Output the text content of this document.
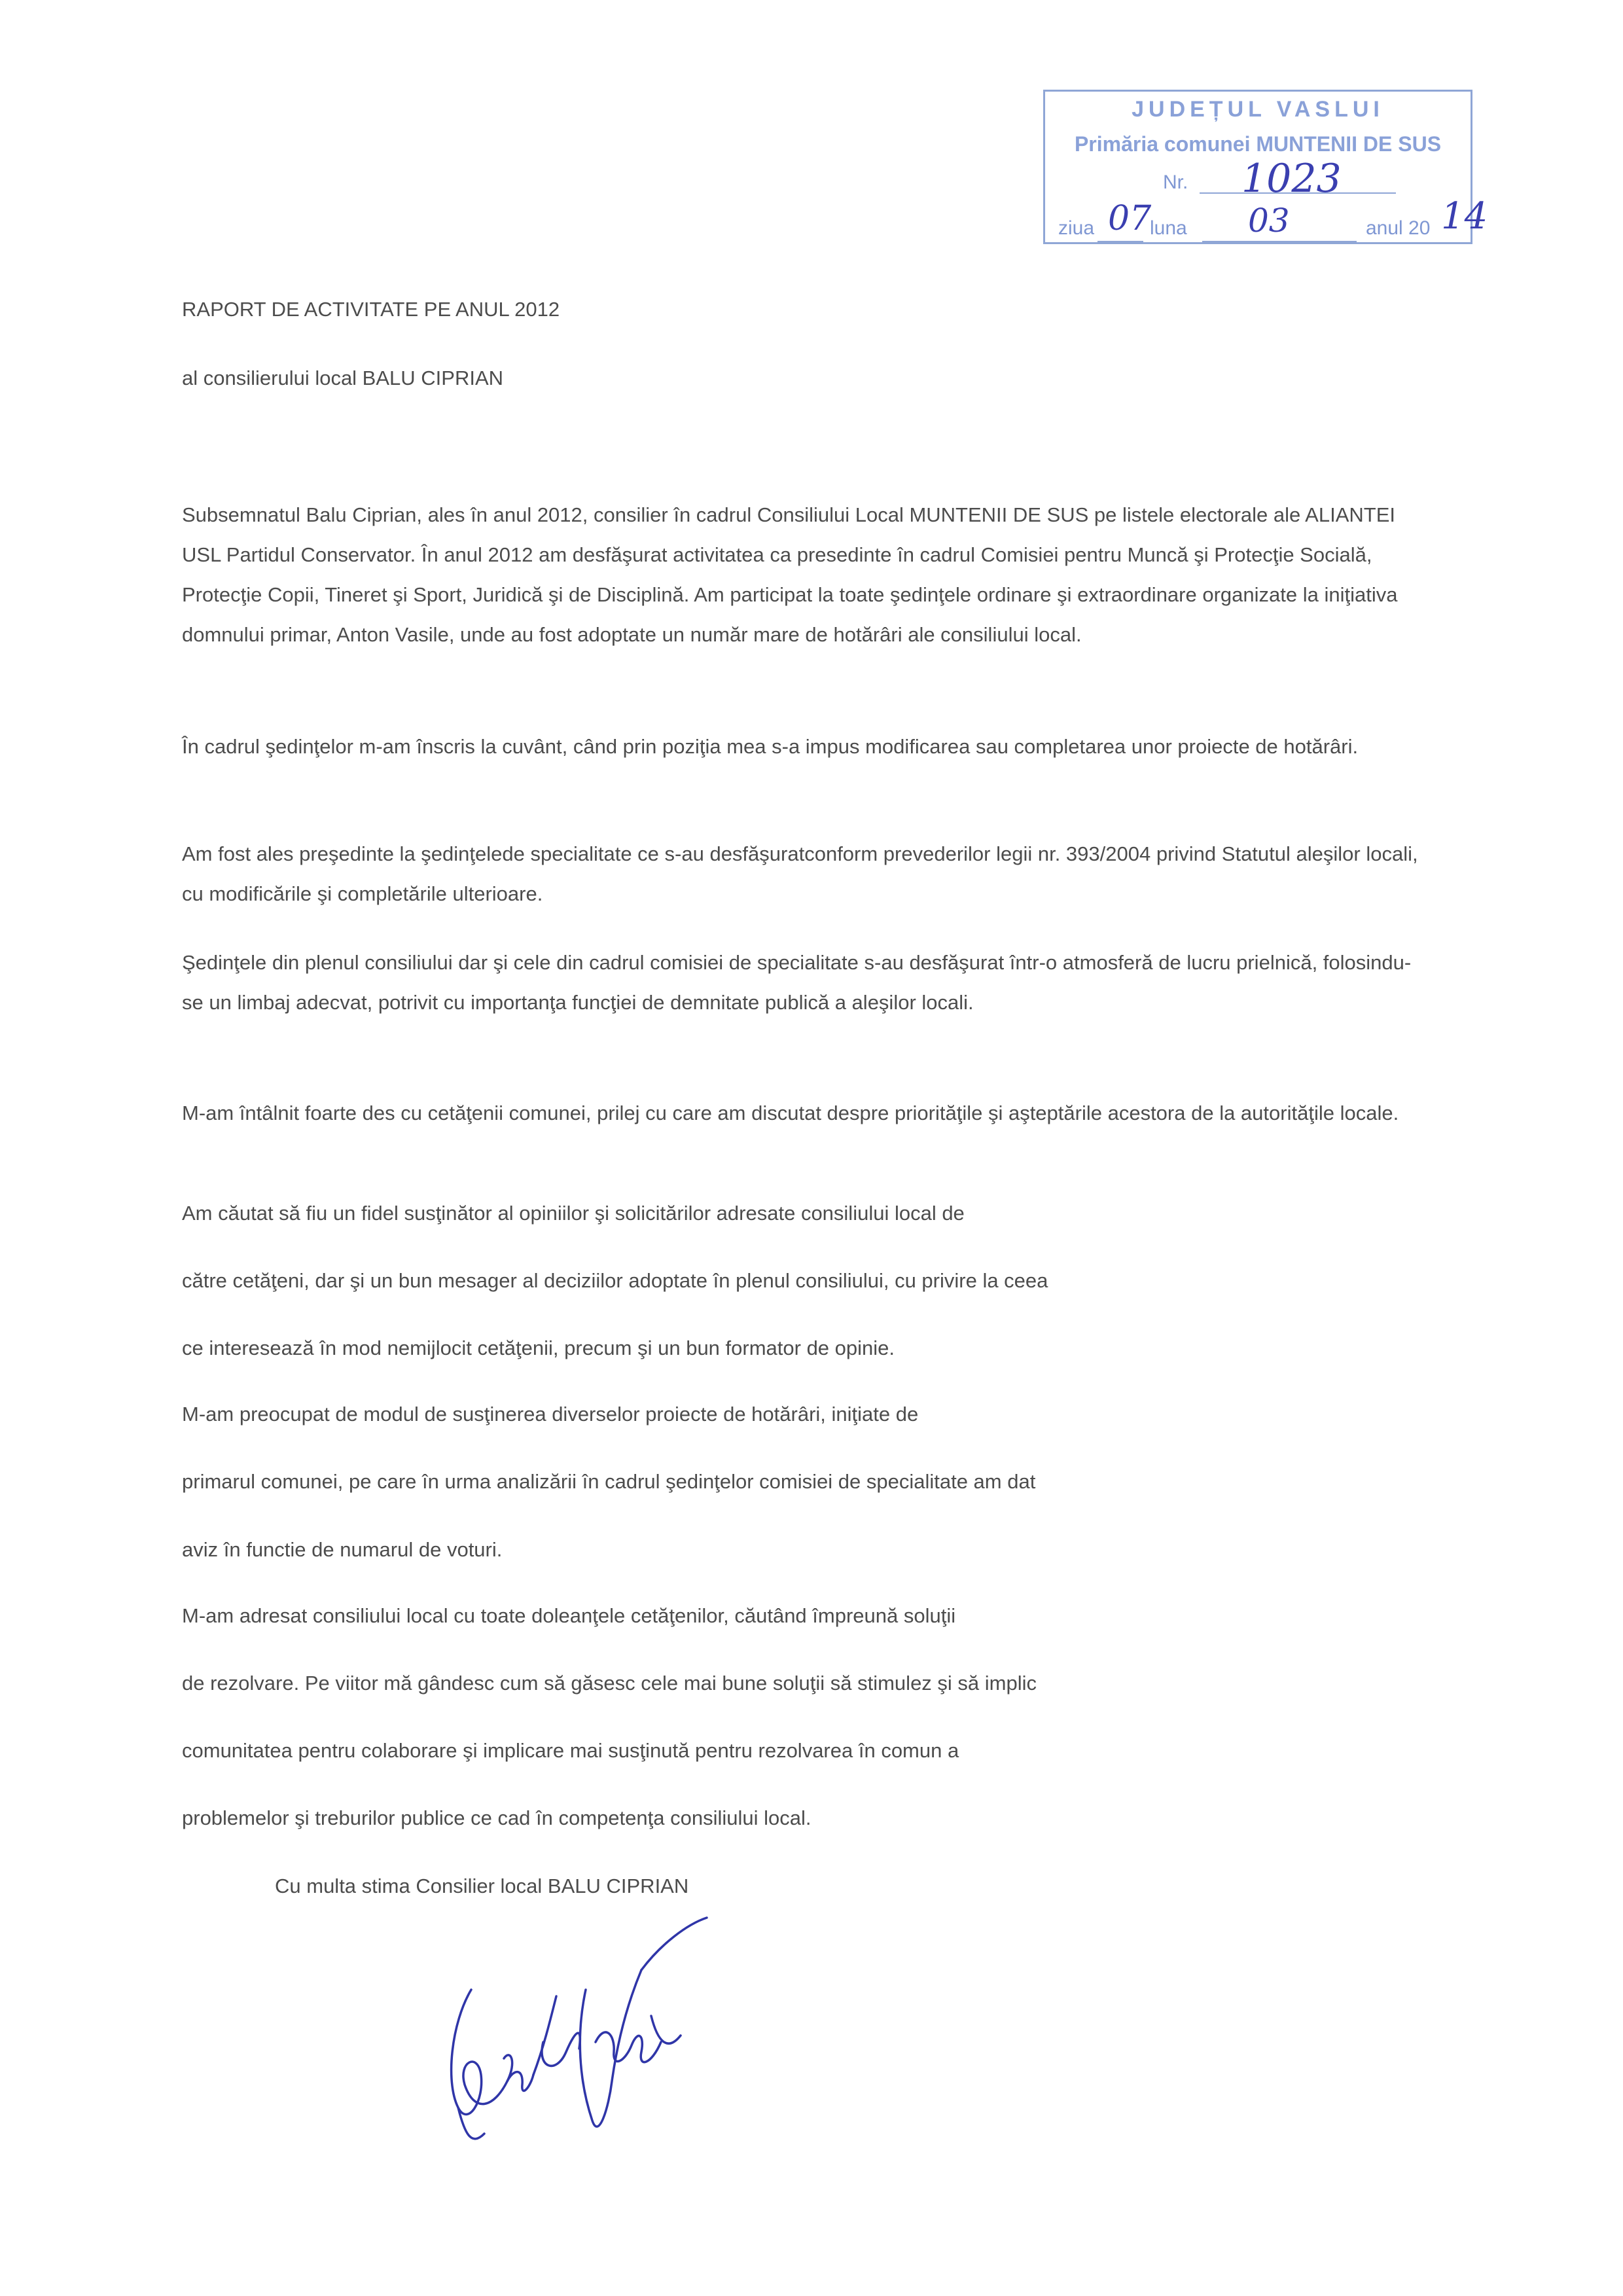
JUDEȚUL VASLUI
Primăria comunei MUNTENII DE SUS
Nr. 1023
ziua 07
luna 03	anul 20 14
RAPORT DE ACTIVITATE PE ANUL 2012
al consilierului local BALU CIPRIAN
Subsemnatul Balu Ciprian, ales în anul 2012, consilier în cadrul Consiliului Local MUNTENII DE SUS pe listele electorale ale ALIANTEI USL Partidul Conservator. În anul 2012 am desfăşurat activitatea ca presedinte în cadrul Comisiei pentru Muncă şi Protecţie Socială, Protecţie Copii, Tineret şi Sport, Juridică şi de Disciplină. Am participat la toate şedinţele ordinare şi extraordinare organizate la iniţiativa domnului primar, Anton Vasile, unde au fost adoptate un număr mare de hotărâri ale consiliului local.
În cadrul şedinţelor m-am înscris la cuvânt, când prin poziţia mea s-a impus modificarea sau completarea unor proiecte de hotărâri.
Am fost ales preşedinte la şedinţelede specialitate ce s-au desfăşuratconform prevederilor legii nr. 393/2004 privind Statutul aleşilor locali, cu modificările şi completările ulterioare.
Şedinţele din plenul consiliului dar şi cele din cadrul comisiei de specialitate s-au desfăşurat într-o atmosferă de lucru prielnică, folosindu-se un limbaj adecvat, potrivit cu importanţa funcţiei de demnitate publică a aleşilor locali.
M-am întâlnit foarte des cu cetăţenii comunei, prilej cu care am discutat despre priorităţile şi aşteptările acestora de la autorităţile locale.
Am căutat să fiu un fidel susţinător al opiniilor şi solicitărilor adresate consiliului local de
către cetăţeni, dar şi un bun mesager al deciziilor adoptate în plenul consiliului, cu privire la ceea
ce interesează în mod nemijlocit cetăţenii, precum şi un bun formator de opinie.
M-am preocupat de modul de susţinerea diverselor proiecte de hotărâri, iniţiate de
primarul comunei, pe care în urma analizării în cadrul şedinţelor comisiei de specialitate am dat
aviz în functie de numarul de voturi.
M-am adresat consiliului local cu toate doleanţele cetăţenilor, căutând împreună soluţii
de rezolvare. Pe viitor mă gândesc cum să găsesc cele mai bune soluţii să stimulez şi să implic
comunitatea pentru colaborare şi implicare mai susţinută pentru rezolvarea în comun a
problemelor şi treburilor publice ce cad în competenţa consiliului local.
Cu multa stima Consilier local BALU CIPRIAN
